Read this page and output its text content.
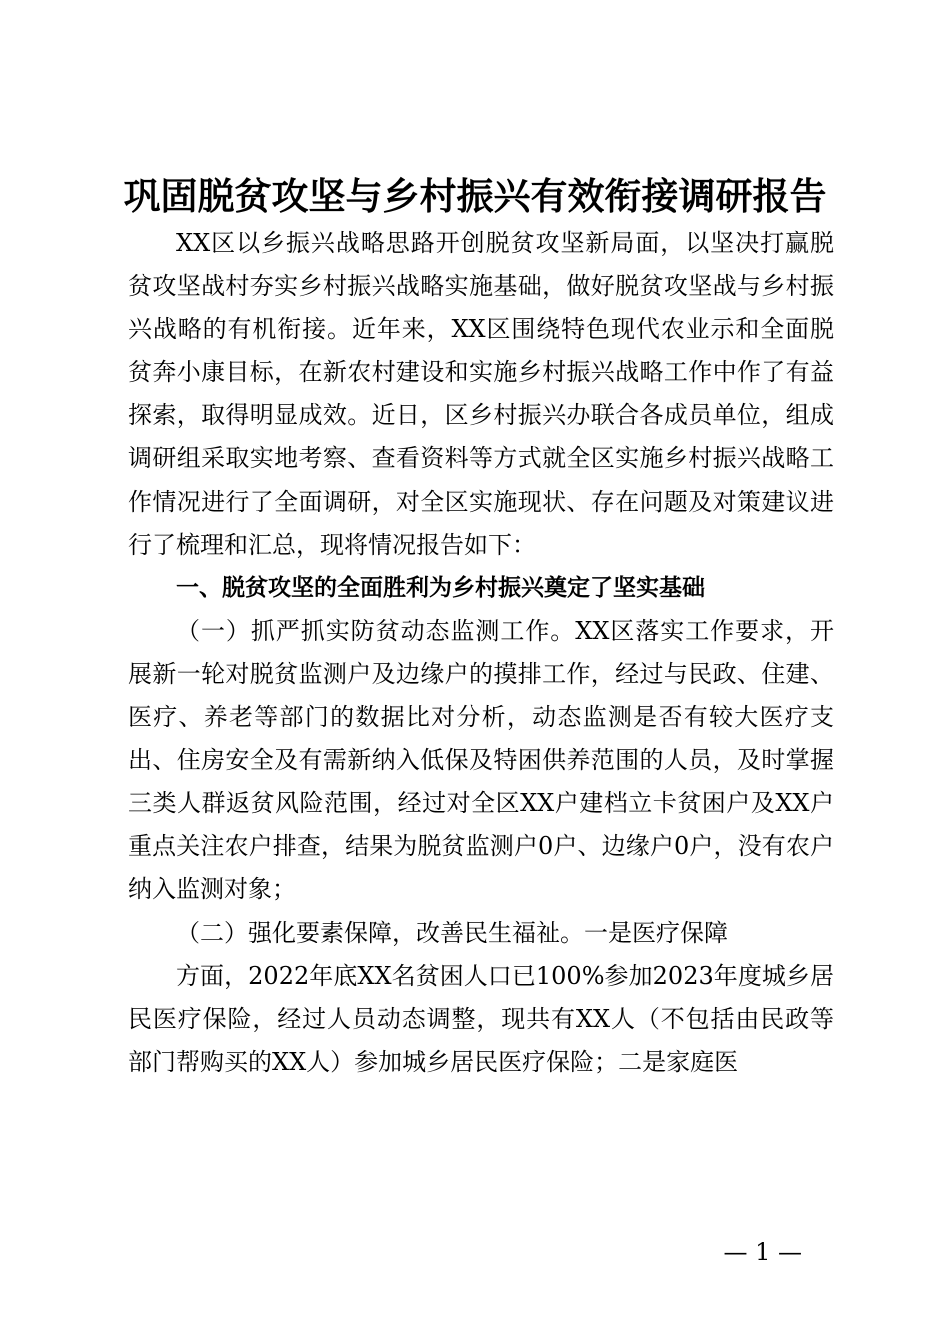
巩固脱贫攻坚与乡村振兴有效衔接调研报告

XX区以乡振兴战略思路开创脱贫攻坚新局面，以坚决打赢脱贫攻坚战村夯实乡村振兴战略实施基础，做好脱贫攻坚战与乡村振兴战略的有机衔接。近年来，XX区围绕特色现代农业示和全面脱贫奔小康目标，在新农村建设和实施乡村振兴战略工作中作了有益探索，取得明显成效。近日，区乡村振兴办联合各成员单位，组成调研组采取实地考察、查看资料等方式就全区实施乡村振兴战略工作情况进行了全面调研，对全区实施现状、存在问题及对策建议进行了梳理和汇总，现将情况报告如下：

一、脱贫攻坚的全面胜利为乡村振兴奠定了坚实基础

（一）抓严抓实防贫动态监测工作。XX区落实工作要求，开展新一轮对脱贫监测户及边缘户的摸排工作，经过与民政、住建、医疗、养老等部门的数据比对分析，动态监测是否有较大医疗支出、住房安全及有需新纳入低保及特困供养范围的人员，及时掌握三类人群返贫风险范围，经过对全区XX户建档立卡贫困户及XX户重点关注农户排查，结果为脱贫监测户0户、边缘户0户，没有农户纳入监测对象；

（二）强化要素保障，改善民生福祉。一是医疗保障

方面，2022年底XX名贫困人口已100%参加2023年度城乡居民医疗保险，经过人员动态调整，现共有XX人（不包括由民政等部门帮购买的XX人）参加城乡居民医疗保险；二是家庭医

— 1 —
